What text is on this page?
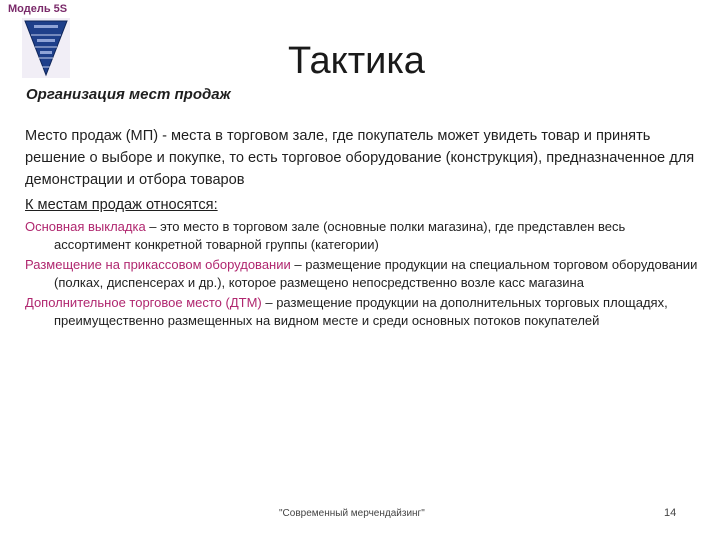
Модель 5S
Организация мест продаж
Тактика
Место продаж (МП) - места в торговом зале, где покупатель может увидеть товар и принять решение о выборе и покупке, то есть торговое оборудование (конструкция), предназначенное для демонстрации и отбора товаров
К местам продаж относятся:
Основная выкладка – это место в торговом зале (основные полки магазина), где представлен весь ассортимент конкретной товарной группы (категории)
Размещение на прикассовом оборудовании – размещение продукции на специальном торговом оборудовании (полках, диспенсерах и др.), которое размещено непосредственно возле касс магазина
Дополнительное торговое место (ДТМ) – размещение продукции на дополнительных торговых площадях, преимущественно размещенных на видном месте и среди основных потоков покупателей
"Современный мерчендайзинг"	14
